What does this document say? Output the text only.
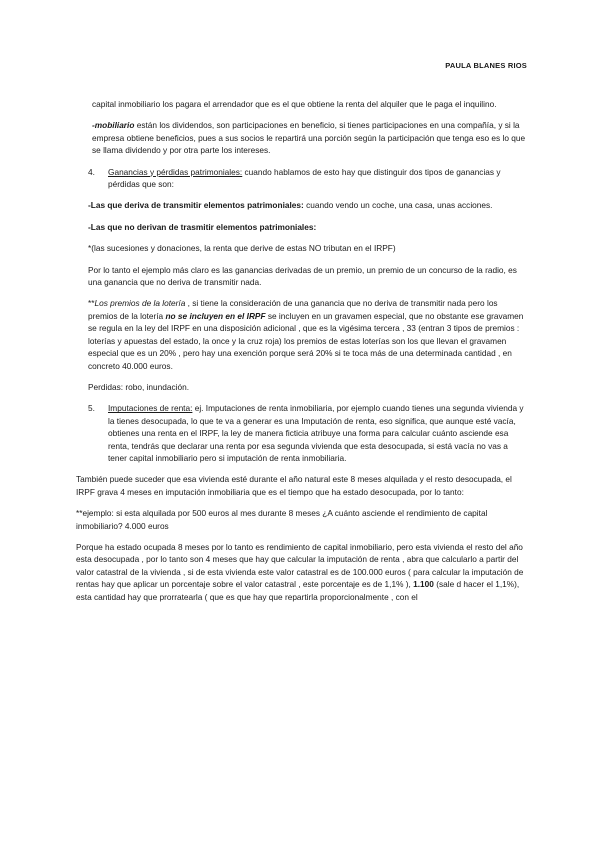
PAULA BLANES RIOS

capital inmobiliario los pagara el arrendador que es el que obtiene la renta del alquiler que le paga el inquilino.

-mobiliario están los dividendos, son participaciones en beneficio, si tienes participaciones en una compañía, y si la empresa obtiene beneficios, pues a sus socios le repartirá una porción según la participación que tenga eso es lo que se llama dividendo y por otra parte los intereses.

4.	Ganancias y pérdidas patrimoniales: cuando hablamos de esto hay que distinguir dos tipos de ganancias y pérdidas que son:

-Las que deriva de transmitir elementos patrimoniales: cuando vendo un coche, una casa, unas acciones.

-Las que no derivan de trasmitir elementos patrimoniales:

*(las sucesiones y donaciones, la renta que derive de estas NO tributan en el IRPF)

Por lo tanto el ejemplo más claro es las ganancias derivadas de un premio, un premio de un concurso de la radio, es una ganancia que no deriva de transmitir nada.

**Los premios de la lotería , si tiene la consideración de una ganancia que no deriva de transmitir nada pero los premios de la lotería no se incluyen en el IRPF se incluyen en un gravamen especial, que no obstante ese gravamen se regula en la ley del IRPF en una disposición adicional , que es la vigésima tercera , 33 (entran 3 tipos de premios : loterías y apuestas del estado, la once y la cruz roja) los premios de estas loterías son los que llevan el gravamen especial que es un 20% , pero hay una exención porque será 20% si te toca más de una determinada cantidad , en concreto 40.000 euros.

Perdidas: robo, inundación.

5.	Imputaciones de renta: ej. Imputaciones de renta inmobiliaria, por ejemplo cuando tienes una segunda vivienda y la tienes desocupada, lo que te va a generar es una Imputación de renta, eso significa, que aunque esté vacía, obtienes una renta en el IRPF, la ley de manera ficticia atribuye una forma para calcular cuánto asciende esa renta, tendrás que declarar una renta por esa segunda vivienda que esta desocupada, si está vacía no vas a tener capital inmobiliario pero si imputación de renta inmobiliaria.

También puede suceder que esa vivienda esté durante el año natural este 8 meses alquilada y el resto desocupada, el IRPF grava 4 meses en imputación inmobiliaria que es el tiempo que ha estado desocupada, por lo tanto:

**ejemplo: si esta alquilada por 500 euros al mes durante 8 meses ¿A cuánto asciende el rendimiento de capital inmobiliario? 4.000 euros

Porque ha estado ocupada 8 meses por lo tanto es rendimiento de capital inmobiliario, pero esta vivienda el resto del año esta desocupada , por lo tanto son 4 meses que hay que calcular la imputación de renta , abra que calcularlo a partir del valor catastral de la vivienda , si de esta vivienda este valor catastral es de 100.000 euros ( para calcular la imputación de rentas hay que aplicar un porcentaje sobre el valor catastral , este porcentaje es de 1,1% ), 1.100 (sale d hacer el 1,1%), esta cantidad hay que prorratearla ( que es que hay que repartirla proporcionalmente , con el
